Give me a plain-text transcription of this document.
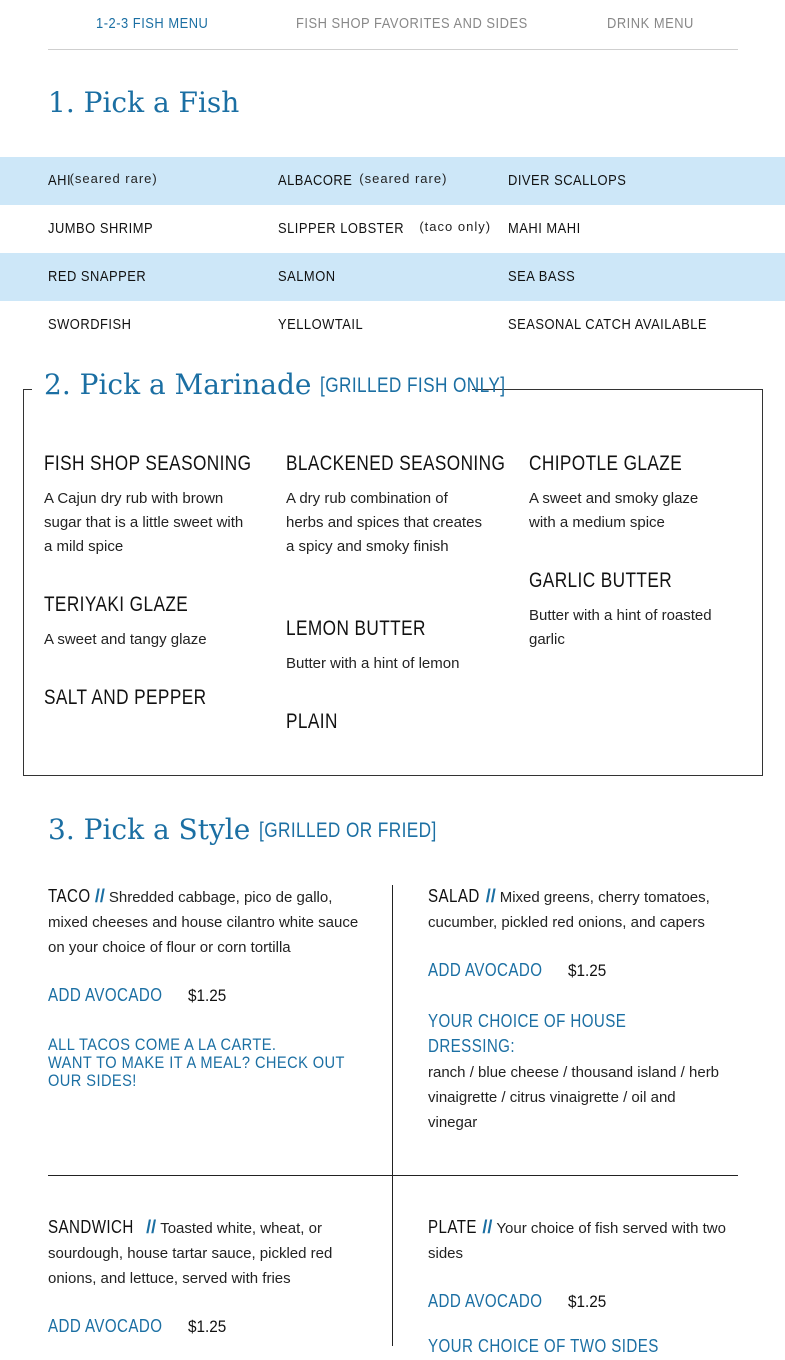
1-2-3 FISH MENU	FISH SHOP FAVORITES AND SIDES	DRINK MENU
1. Pick a Fish
AHI (seared rare)	ALBACORE (seared rare)	DIVER SCALLOPS
JUMBO SHRIMP	SLIPPER LOBSTER (taco only) MAHI MAHI
RED SNAPPER	SALMON	SEA BASS
SWORDFISH	YELLOWTAIL	SEASONAL CATCH AVAILABLE
2. Pick a Marinade [GRILLED FISH ONLY]
FISH SHOP SEASONING
A Cajun dry rub with brown sugar that is a little sweet with a mild spice
TERIYAKI GLAZE
A sweet and tangy glaze
SALT AND PEPPER
BLACKENED SEASONING
A dry rub combination of herbs and spices that creates a spicy and smoky finish
LEMON BUTTER
Butter with a hint of lemon
PLAIN
CHIPOTLE GLAZE
A sweet and smoky glaze with a medium spice
GARLIC BUTTER
Butter with a hint of roasted garlic
3. Pick a Style [GRILLED OR FRIED]
TACO // Shredded cabbage, pico de gallo, mixed cheeses and house cilantro white sauce on your choice of flour or corn tortilla
ADD AVOCADO $1.25
ALL TACOS COME A LA CARTE.
WANT TO MAKE IT A MEAL? CHECK OUT OUR SIDES!
SALAD // Mixed greens, cherry tomatoes, cucumber, pickled red onions, and capers
ADD AVOCADO $1.25
YOUR CHOICE OF HOUSE DRESSING: ranch / blue cheese / thousand island / herb vinaigrette / citrus vinaigrette / oil and vinegar
SANDWICH // Toasted white, wheat, or sourdough, house tartar sauce, pickled red onions, and lettuce, served with fries
ADD AVOCADO $1.25
PLATE // Your choice of fish served with two sides
ADD AVOCADO $1.25
YOUR CHOICE OF TWO SIDES
